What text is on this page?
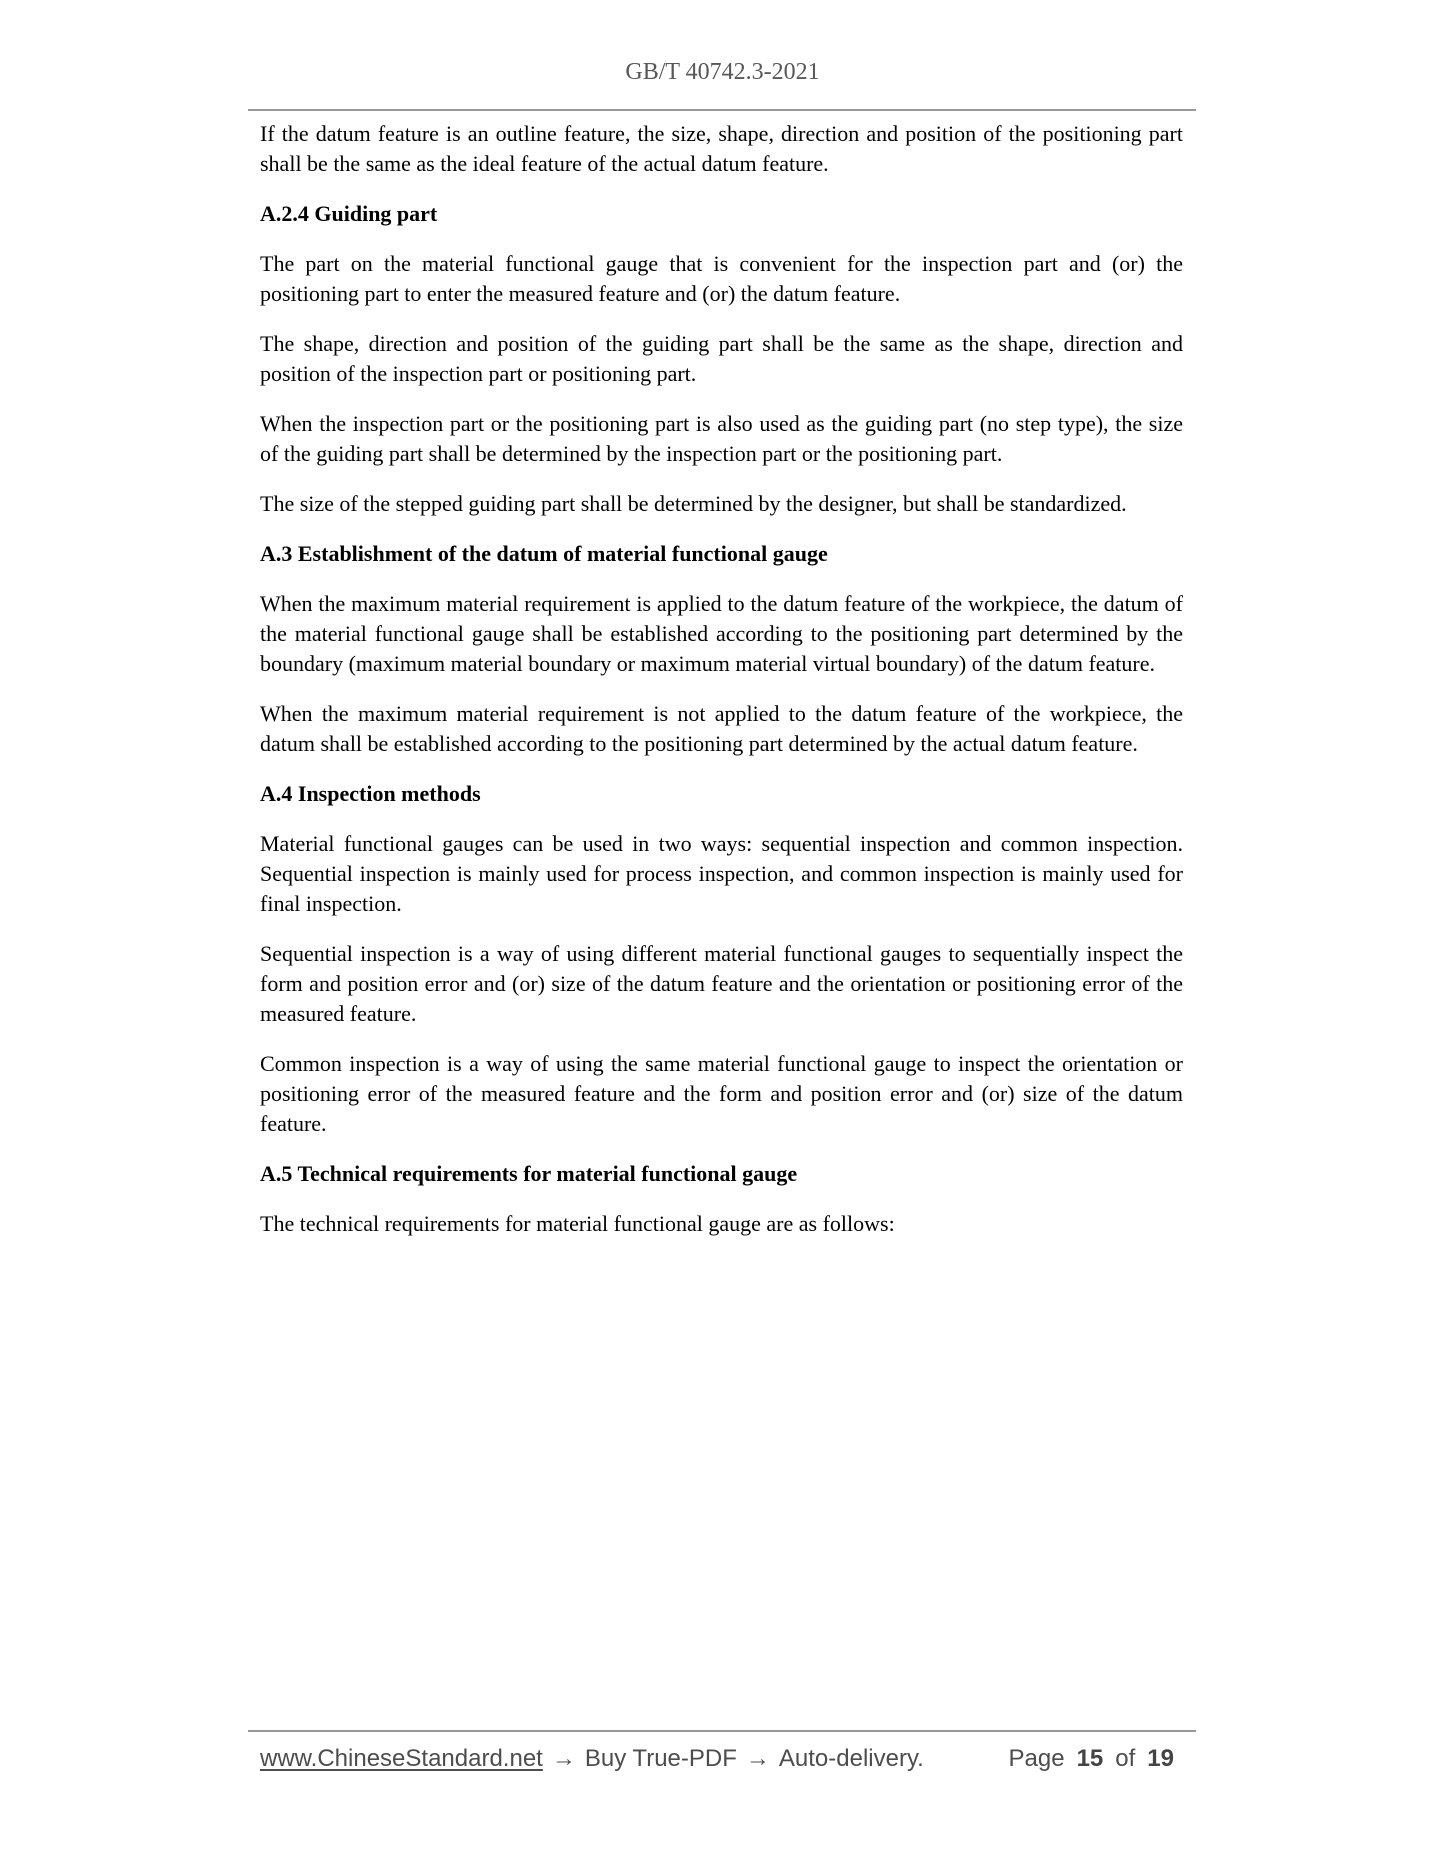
GB/T 40742.3-2021

If the datum feature is an outline feature, the size, shape, direction and position of the positioning part shall be the same as the ideal feature of the actual datum feature.

A.2.4 Guiding part

The part on the material functional gauge that is convenient for the inspection part and (or) the positioning part to enter the measured feature and (or) the datum feature.

The shape, direction and position of the guiding part shall be the same as the shape, direction and position of the inspection part or positioning part.

When the inspection part or the positioning part is also used as the guiding part (no step type), the size of the guiding part shall be determined by the inspection part or the positioning part.

The size of the stepped guiding part shall be determined by the designer, but shall be standardized.

A.3 Establishment of the datum of material functional gauge

When the maximum material requirement is applied to the datum feature of the workpiece, the datum of the material functional gauge shall be established according to the positioning part determined by the boundary (maximum material boundary or maximum material virtual boundary) of the datum feature.

When the maximum material requirement is not applied to the datum feature of the workpiece, the datum shall be established according to the positioning part determined by the actual datum feature.

A.4 Inspection methods

Material functional gauges can be used in two ways: sequential inspection and common inspection. Sequential inspection is mainly used for process inspection, and common inspection is mainly used for final inspection.

Sequential inspection is a way of using different material functional gauges to sequentially inspect the form and position error and (or) size of the datum feature and the orientation or positioning error of the measured feature.

Common inspection is a way of using the same material functional gauge to inspect the orientation or positioning error of the measured feature and the form and position error and (or) size of the datum feature.

A.5 Technical requirements for material functional gauge

The technical requirements for material functional gauge are as follows:

www.ChineseStandard.net → Buy True-PDF → Auto-delivery.	Page 15 of 19
